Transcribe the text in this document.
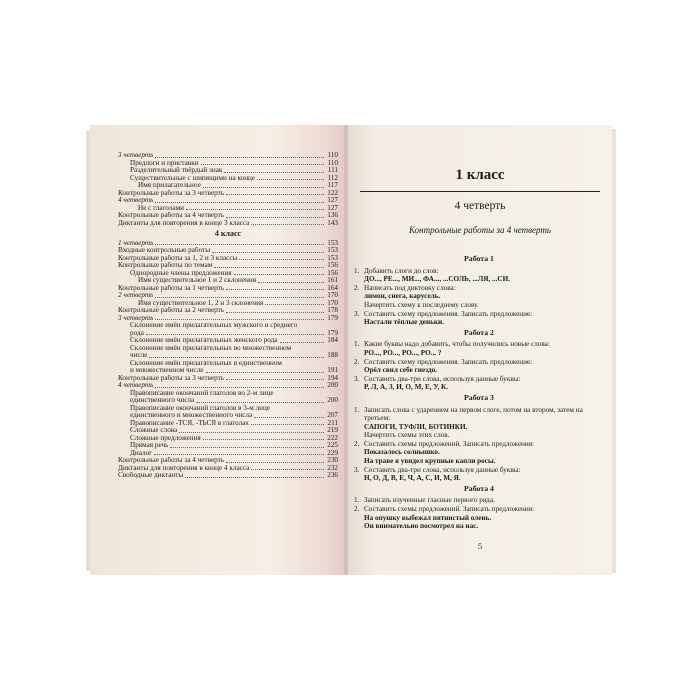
3 четверть	110
Предлоги и приставки	110
Разделительный твёрдый знак	111
Существительные с шипящими на конце	112
Имя прилагательное	117
Контрольные работы за 3 четверть	122
4 четверть	127
Не с глаголами	127
Контрольные работы за 4 четверть	136
Диктанты для повторения в конце 3 класса	143
4 класс
1 четверть	153
Входные контрольные работы	153
Контрольные работы за 1, 2 и 3 классы	153
Контрольные работы по темам	156
Однородные члены предложения	156
Имя существительное 1 и 2 склонения	161
Контрольные работы за 1 четверть	164
2 четверть	170
Имя существительное 1, 2 и 3 склонения	170
Контрольные работы за 2 четверть	178
3 четверть	179
Склонение имён прилагательных мужского и среднего
рода	179
Склонение имён прилагательных женского рода	184
Склонение имён прилагательных во множественном
числе	188
Склонение имён прилагательных в единственном
и множественном числе	191
Контрольные работы за 3 четверть	194
4 четверть	200
Правописание окончаний глаголов во 2-м лице
единственного числа	200
Правописание окончаний глаголов в 3-м лице
единственного и множественного числа	207
Правописание -ТСЯ, -ТЬСЯ в глаголах	211
Сложные слова	219
Сложные предложения	222
Прямая речь	225
Диалог	229
Контрольные работы за 4 четверть	230
Диктанты для повторения в конце 4 класса	232
Свободные диктанты	236
1 класс
4 четверть
Контрольные работы за 4 четверть
Работа 1
1. Добавить слоги до слов:
ДО..., РЕ..., МИ..., ФА..., ...СОЛЬ, ...ЛЯ, ...СИ.
2. Написать под диктовку слова:
лимон, снега, карусель.
Начертить схему к последнему слову.
3. Составить схему предложения. Записать предложение:
Настали тёплые деньки.
Работа 2
1. Какие буквы надо добавить, чтобы получились новые слова:
РО..., РО..., РО..., РО... ?
2. Составить схему предложения. Записать предложение:
Орёл свил себе гнездо.
3. Составить два-три слова, используя данные буквы:
Р, Л, А, З, И, О, М, Е, У, К.
Работа 3
1. Записать слова с ударением на первом слоге, потом на втором, затем на третьем:
САПОГИ, ТУФЛИ, БОТИНКИ.
Начертить схемы этих слов.
2. Составить схемы предложений. Записать предложения:
Показалось солнышко.
На траве я увидел крупные капли росы.
3. Составить два-три слова, используя данные буквы:
Н, О, Д, В, Е, Ч, А, С, И, М, Я.
Работа 4
1. Записать изученные гласные первого ряда.
2. Составить схемы предложений. Записать предложения:
На опушку выбежал пятнистый олень.
Он внимательно посмотрел на нас.
5
